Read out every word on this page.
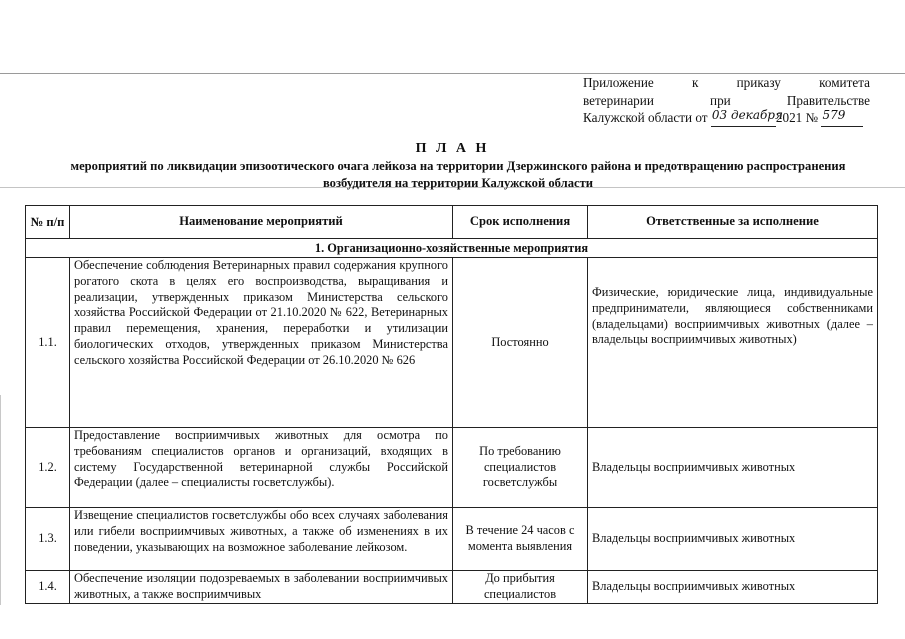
Приложение	к	приказу	комитета
ветеринарии	при	Правительстве
Калужской области от
03 декабря
2021 №
579
П Л А Н
мероприятий по ликвидации эпизоотического очага лейкоза на территории Дзержинского района и предотвращению распространения возбудителя на территории Калужской области
№ п/п	Наименование мероприятий	Срок исполнения	Ответственные за исполнение
1. Организационно-хозяйственные мероприятия			
1.1.	Обеспечение соблюдения Ветеринарных правил содержания крупного рогатого скота в целях его воспроизводства, выращивания и реализации, утвержденных приказом Министерства сельского хозяйства Российской Федерации от 21.10.2020 № 622, Ветеринарных правил перемещения, хранения, переработки и утилизации биологических отходов, утвержденных приказом Министерства сельского хозяйства Российской Федерации от 26.10.2020 № 626	Постоянно	Физические, юридические лица, индивидуальные предприниматели, являющиеся собственниками (владельцами) восприимчивых животных (далее – владельцы восприимчивых животных)
1.2.	Предоставление восприимчивых животных для осмотра по требованиям специалистов органов и организаций, входящих в систему Государственной ветеринарной службы Российской Федерации (далее – специалисты госветслужбы).	По требованию специалистов госветслужбы	Владельцы восприимчивых животных
1.3.	Извещение специалистов госветслужбы обо всех случаях заболевания или гибели восприимчивых животных, а также об изменениях в их поведении, указывающих на возможное заболевание лейкозом.	В течение 24 часов с момента выявления	Владельцы восприимчивых животных
1.4.	Обеспечение изоляции подозреваемых в заболевании восприимчивых животных, а также восприимчивых	До прибытия специалистов	Владельцы восприимчивых животных
